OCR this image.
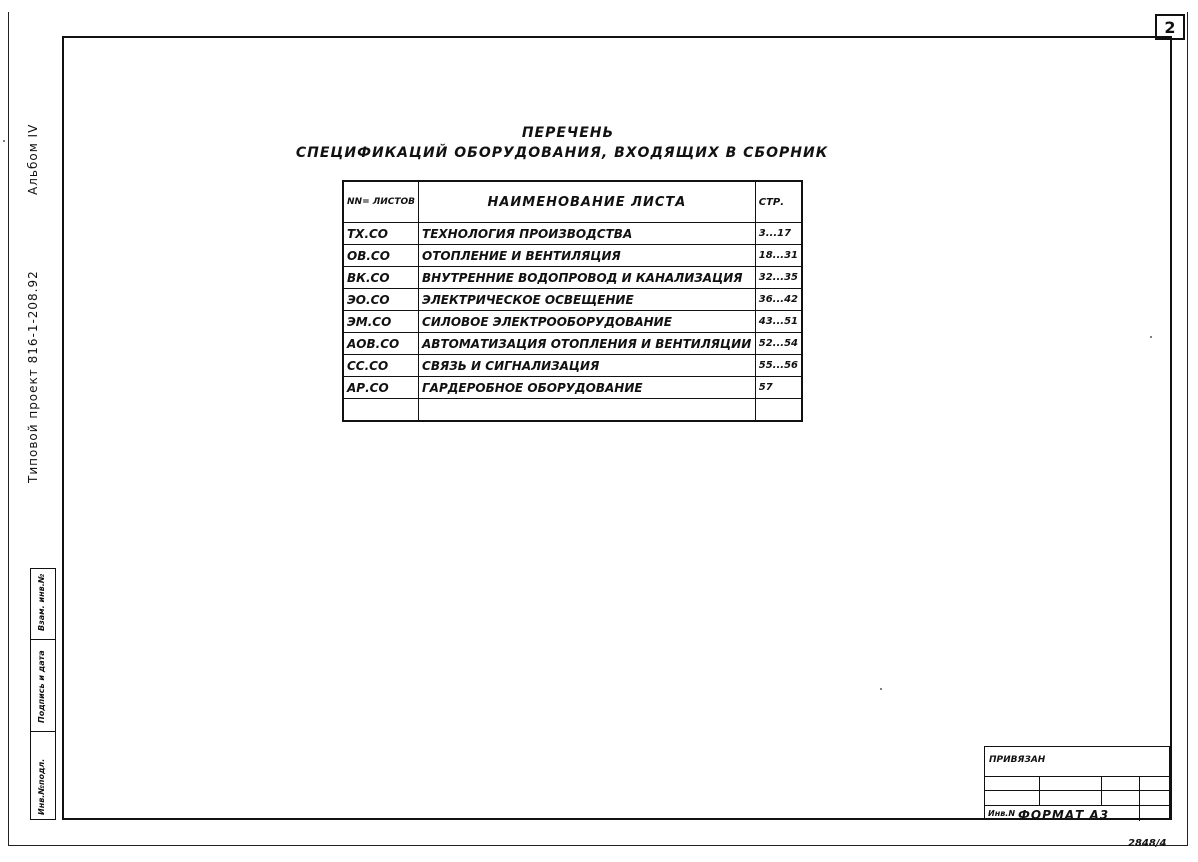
2
Альбом IV
Типовой проект 816-1-208.92
Инв.№подл.
Подпись и дата
Взам. инв.№
ПЕРЕЧЕНЬ
СПЕЦИФИКАЦИЙ ОБОРУДОВАНИЯ, ВХОДЯЩИХ В СБОРНИК
NN= ЛИСТОВ	НАИМЕНОВАНИЕ ЛИСТА	СТР.
ТХ.СО	ТЕХНОЛОГИЯ ПРОИЗВОДСТВА	3...17
ОВ.СО	ОТОПЛЕНИЕ И ВЕНТИЛЯЦИЯ	18...31
ВК.СО	ВНУТРЕННИЕ ВОДОПРОВОД И КАНАЛИЗАЦИЯ	32...35
ЭО.СО	ЭЛЕКТРИЧЕСКОЕ ОСВЕЩЕНИЕ	36...42
ЭМ.СО	СИЛОВОЕ ЭЛЕКТРООБОРУДОВАНИЕ	43...51
АОВ.СО	АВТОМАТИЗАЦИЯ ОТОПЛЕНИЯ И ВЕНТИЛЯЦИИ	52...54
СС.СО	СВЯЗЬ И СИГНАЛИЗАЦИЯ	55...56
АР.СО	ГАРДЕРОБНОЕ ОБОРУДОВАНИЕ	57

ПРИВЯЗАН
Инв.N ФОРМАТ А3
2848/4
